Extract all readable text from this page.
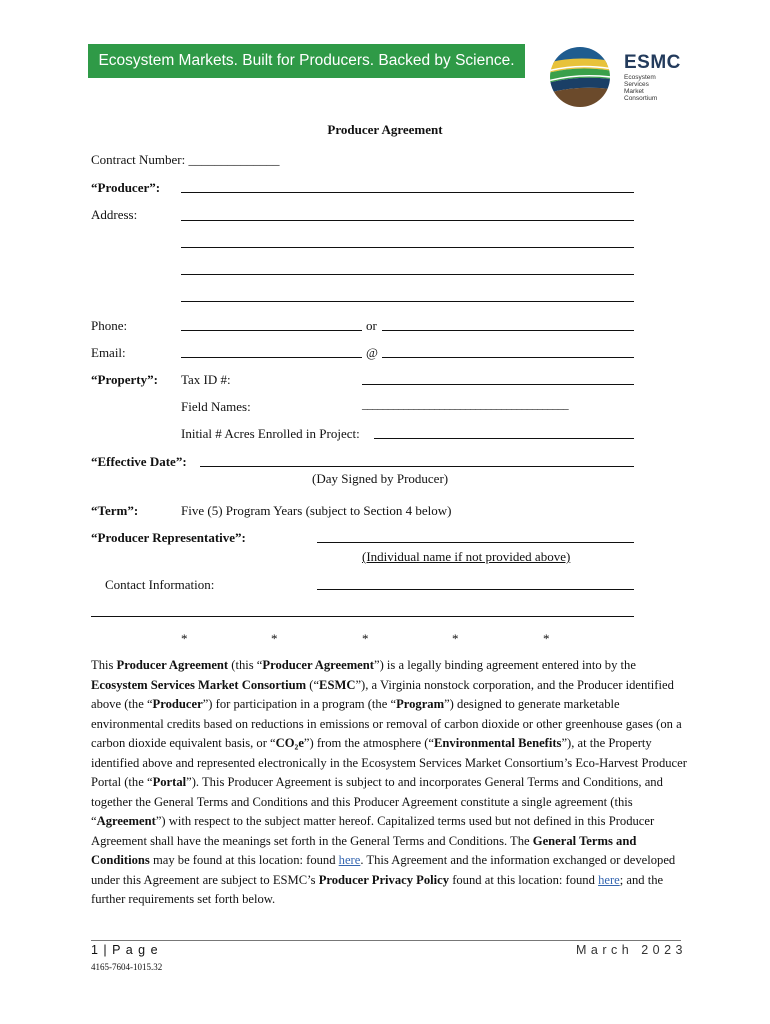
Ecosystem Markets. Built for Producers. Backed by Science.	ESMC
Ecosystem
Services
Market
Consortium
Producer Agreement
Contract Number: ______________
“Producer”:
Address:
Phone:	or
Email:	@
“Property”: Tax ID #:
Field Names:	________________________________________
Initial # Acres Enrolled in Project:
“Effective Date”:
(Day Signed by Producer)
“Term”:	Five (5) Program Years (subject to Section 4 below)
“Producer Representative”:
(Individual name if not provided above)
Contact Information:
*	*	*	*	*

This Producer Agreement (this “Producer Agreement”) is a legally binding agreement entered into by the Ecosystem Services Market Consortium (“ESMC”), a Virginia nonstock corporation, and the Producer identified above (the “Producer”) for participation in a program (the “Program”) designed to generate marketable environmental credits based on reductions in emissions or removal of carbon dioxide or other greenhouse gases (on a carbon dioxide equivalent basis, or “CO₂e”) from the atmosphere (“Environmental Benefits”), at the Property identified above and represented electronically in the Ecosystem Services Market Consortium’s Eco-Harvest Producer Portal (the “Portal”). This Producer Agreement is subject to and incorporates General Terms and Conditions, and together the General Terms and Conditions and this Producer Agreement constitute a single agreement (this “Agreement”) with respect to the subject matter hereof. Capitalized terms used but not defined in this Producer Agreement shall have the meanings set forth in the General Terms and Conditions. The General Terms and Conditions may be found at this location: found here. This Agreement and the information exchanged or developed under this Agreement are subject to ESMC’s Producer Privacy Policy found at this location: found here; and the further requirements set forth below.

1 | P a g e	March 2023
4165-7604-1015.32
